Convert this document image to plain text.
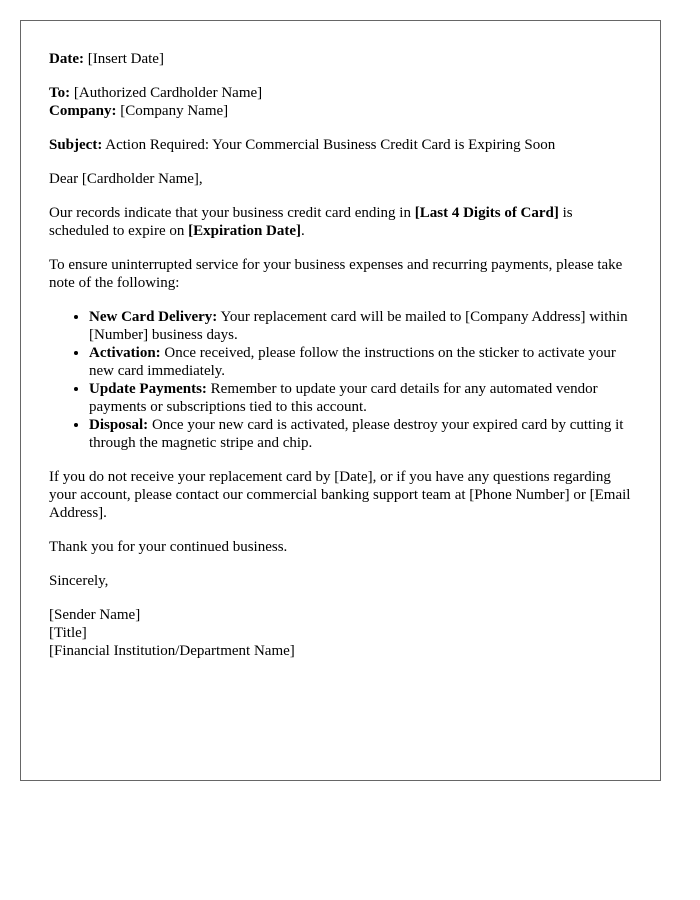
Date: [Insert Date]

To: [Authorized Cardholder Name]
Company: [Company Name]

Subject: Action Required: Your Commercial Business Credit Card is Expiring Soon

Dear [Cardholder Name],

Our records indicate that your business credit card ending in [Last 4 Digits of Card] is scheduled to expire on [Expiration Date].

To ensure uninterrupted service for your business expenses and recurring payments, please take note of the following:

• New Card Delivery: Your replacement card will be mailed to [Company Address] within [Number] business days.
• Activation: Once received, please follow the instructions on the sticker to activate your new card immediately.
• Update Payments: Remember to update your card details for any automated vendor payments or subscriptions tied to this account.
• Disposal: Once your new card is activated, please destroy your expired card by cutting it through the magnetic stripe and chip.

If you do not receive your replacement card by [Date], or if you have any questions regarding your account, please contact our commercial banking support team at [Phone Number] or [Email Address].

Thank you for your continued business.

Sincerely,

[Sender Name]
[Title]
[Financial Institution/Department Name]
